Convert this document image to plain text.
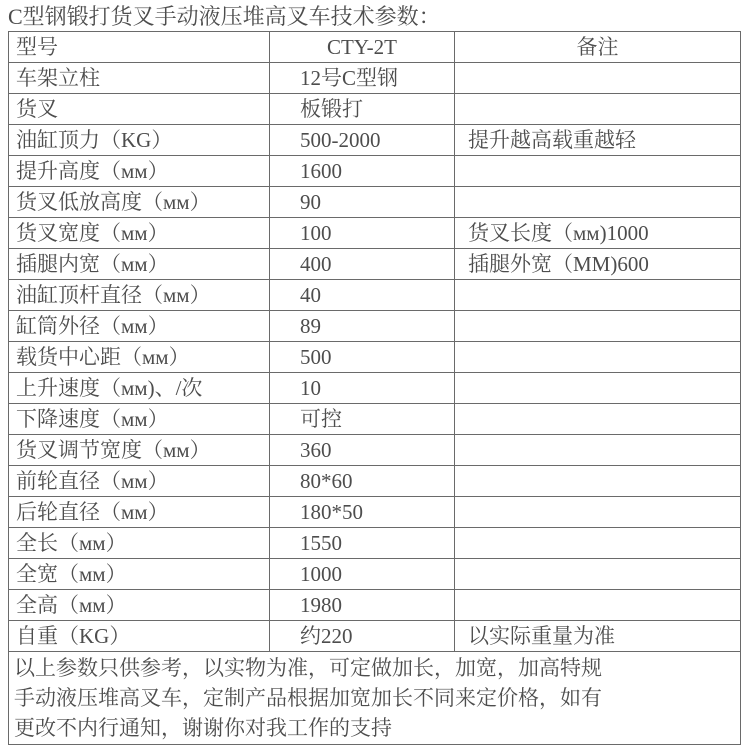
C型钢锻打货叉手动液压堆高叉车技术参数：
型号	CTY-2T	备注
车架立柱	12号C型钢	
货叉	板锻打	
油缸顶力（KG）	500-2000	提升越高载重越轻
提升高度（мм）	1600	
货叉低放高度（мм）	90	
货叉宽度（мм）	100	货叉长度（мм)1000
插腿内宽（мм）	400	插腿外宽（MM)600
油缸顶杆直径（мм）	40	
缸筒外径（мм）	89	
载货中心距（мм）	500	
上升速度（мм)、/次	10	
下降速度（мм）	可控	
货叉调节宽度（мм）	360	
前轮直径（мм）	80*60	
后轮直径（мм）	180*50	
全长（мм）	1550	
全宽（мм）	1000	
全高（мм）	1980	
自重（KG）	约220	以实际重量为准

以上参数只供参考，以实物为准，可定做加长，加宽，加高特规
手动液压堆高叉车，定制产品根据加宽加长不同来定价格，如有
更改不内行通知，谢谢你对我工作的支持		
